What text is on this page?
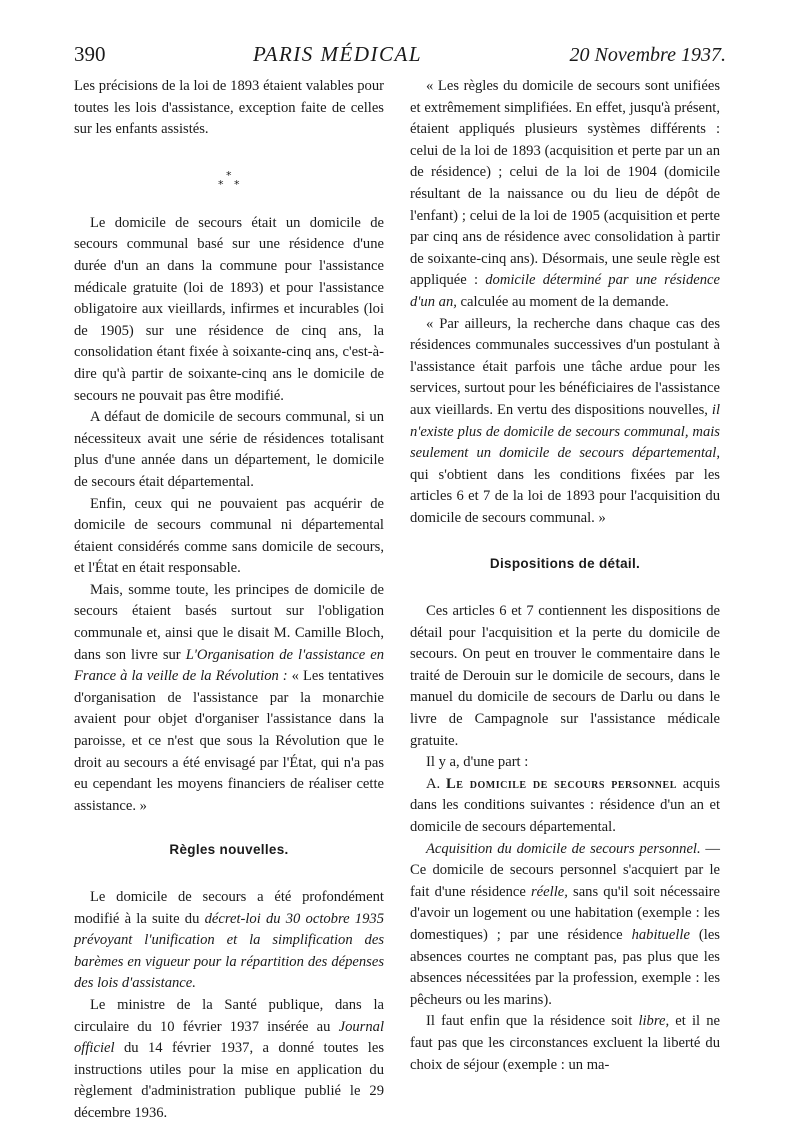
390	PARIS MÉDICAL	20 Novembre 1937.

Les précisions de la loi de 1893 étaient valables pour toutes les lois d'assistance, exception faite de celles sur les enfants assistés.

*
* *

Le domicile de secours était un domicile de secours communal basé sur une résidence d'une durée d'un an dans la commune pour l'assistance médicale gratuite (loi de 1893) et pour l'assistance obligatoire aux vieillards, infirmes et incurables (loi de 1905) sur une résidence de cinq ans, la consolidation étant fixée à soixante-cinq ans, c'est-à-dire qu'à partir de soixante-cinq ans le domicile de secours ne pouvait pas être modifié.

A défaut de domicile de secours communal, si un nécessiteux avait une série de résidences totalisant plus d'une année dans un département, le domicile de secours était départemental.

Enfin, ceux qui ne pouvaient pas acquérir de domicile de secours communal ni départemental étaient considérés comme sans domicile de secours, et l'État en était responsable.

Mais, somme toute, les principes de domicile de secours étaient basés surtout sur l'obligation communale et, ainsi que le disait M. Camille Bloch, dans son livre sur L'Organisation de l'assistance en France à la veille de la Révolution : « Les tentatives d'organisation de l'assistance par la monarchie avaient pour objet d'organiser l'assistance dans la paroisse, et ce n'est que sous la Révolution que le droit au secours a été envisagé par l'État, qui n'a pas eu cependant les moyens financiers de réaliser cette assistance. »

Règles nouvelles.

Le domicile de secours a été profondément modifié à la suite du décret-loi du 30 octobre 1935 prévoyant l'unification et la simplification des barèmes en vigueur pour la répartition des dépenses des lois d'assistance.

Le ministre de la Santé publique, dans la circulaire du 10 février 1937 insérée au Journal officiel du 14 février 1937, a donné toutes les instructions utiles pour la mise en application du règlement d'administration publique publié le 29 décembre 1936.

« Les règles du domicile de secours sont unifiées et extrêmement simplifiées. En effet, jusqu'à présent, étaient appliqués plusieurs systèmes différents : celui de la loi de 1893 (acquisition et perte par un an de résidence) ; celui de la loi de 1904 (domicile résultant de la naissance ou du lieu de dépôt de l'enfant) ; celui de la loi de 1905 (acquisition et perte par cinq ans de résidence avec consolidation à partir de soixante-cinq ans). Désormais, une seule règle est appliquée : domicile déterminé par une résidence d'un an, calculée au moment de la demande.

« Par ailleurs, la recherche dans chaque cas des résidences communales successives d'un postulant à l'assistance était parfois une tâche ardue pour les services, surtout pour les bénéficiaires de l'assistance aux vieillards. En vertu des dispositions nouvelles, il n'existe plus de domicile de secours communal, mais seulement un domicile de secours départemental, qui s'obtient dans les conditions fixées par les articles 6 et 7 de la loi de 1893 pour l'acquisition du domicile de secours communal. »

Dispositions de détail.

Ces articles 6 et 7 contiennent les dispositions de détail pour l'acquisition et la perte du domicile de secours. On peut en trouver le commentaire dans le traité de Derouin sur le domicile de secours, dans le manuel du domicile de secours de Darlu ou dans le livre de Campagnole sur l'assistance médicale gratuite.

Il y a, d'une part :

A. Le domicile de secours personnel acquis dans les conditions suivantes : résidence d'un an et domicile de secours départemental.

Acquisition du domicile de secours personnel. — Ce domicile de secours personnel s'acquiert par le fait d'une résidence réelle, sans qu'il soit nécessaire d'avoir un logement ou une habitation (exemple : les domestiques) ; par une résidence habituelle (les absences courtes ne comptant pas, pas plus que les absences nécessitées par la profession, exemple : les pêcheurs ou les marins).

Il faut enfin que la résidence soit libre, et il ne faut pas que les circonstances excluent la liberté du choix de séjour (exemple : un ma-
